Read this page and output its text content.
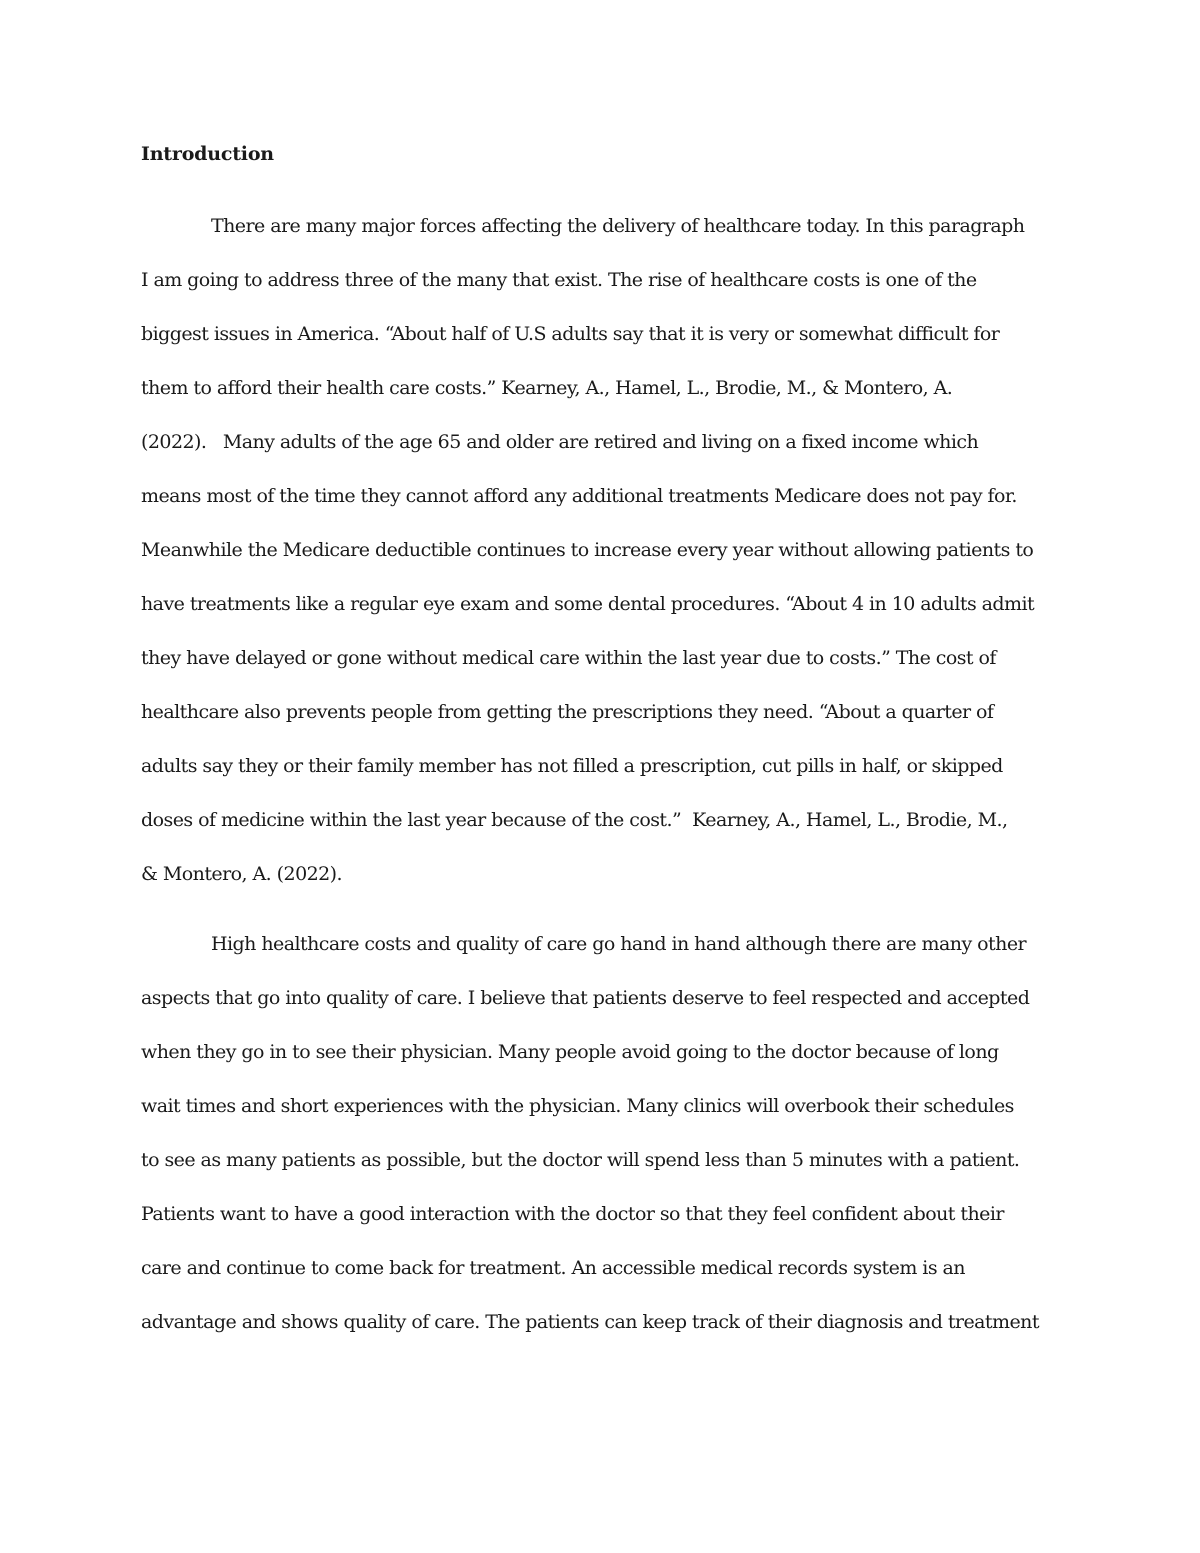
Introduction
There are many major forces affecting the delivery of healthcare today. In this paragraph
I am going to address three of the many that exist. The rise of healthcare costs is one of the
biggest issues in America. “About half of U.S adults say that it is very or somewhat difficult for
them to afford their health care costs.” Kearney, A., Hamel, L., Brodie, M., & Montero, A.
(2022).   Many adults of the age 65 and older are retired and living on a fixed income which
means most of the time they cannot afford any additional treatments Medicare does not pay for.
Meanwhile the Medicare deductible continues to increase every year without allowing patients to
have treatments like a regular eye exam and some dental procedures. “About 4 in 10 adults admit
they have delayed or gone without medical care within the last year due to costs.” The cost of
healthcare also prevents people from getting the prescriptions they need. “About a quarter of
adults say they or their family member has not filled a prescription, cut pills in half, or skipped
doses of medicine within the last year because of the cost.”  Kearney, A., Hamel, L., Brodie, M.,
& Montero, A. (2022).
High healthcare costs and quality of care go hand in hand although there are many other
aspects that go into quality of care. I believe that patients deserve to feel respected and accepted
when they go in to see their physician. Many people avoid going to the doctor because of long
wait times and short experiences with the physician. Many clinics will overbook their schedules
to see as many patients as possible, but the doctor will spend less than 5 minutes with a patient.
Patients want to have a good interaction with the doctor so that they feel confident about their
care and continue to come back for treatment. An accessible medical records system is an
advantage and shows quality of care. The patients can keep track of their diagnosis and treatment
